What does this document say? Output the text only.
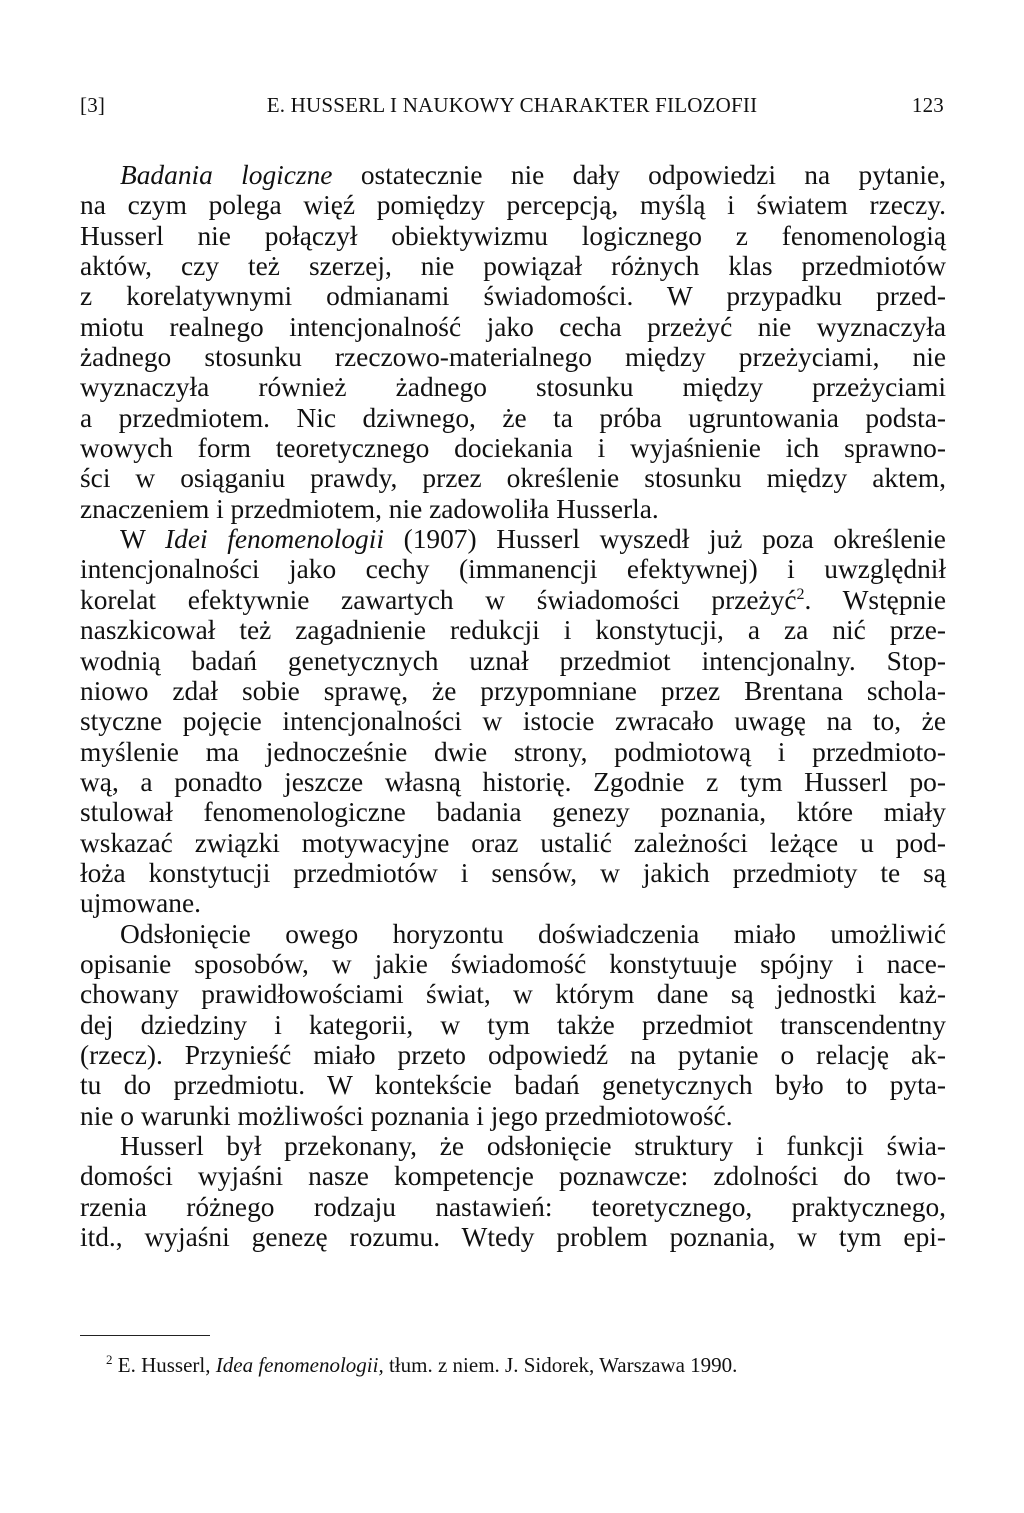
[3]	E. HUSSERL I NAUKOWY CHARAKTER FILOZOFII	123
Badania logiczne ostatecznie nie dały odpowiedzi na pytanie,
na czym polega więź pomiędzy percepcją, myślą i światem rzeczy.
Husserl nie połączył obiektywizmu logicznego z fenomenologią
aktów, czy też szerzej, nie powiązał różnych klas przedmiotów
z korelatywnymi odmianami świadomości. W przypadku przed-
miotu realnego intencjonalność jako cecha przeżyć nie wyznaczyła
żadnego stosunku rzeczowo-materialnego między przeżyciami, nie
wyznaczyła również żadnego stosunku między przeżyciami
a przedmiotem. Nic dziwnego, że ta próba ugruntowania podsta-
wowych form teoretycznego dociekania i wyjaśnienie ich sprawno-
ści w osiąganiu prawdy, przez określenie stosunku między aktem,
znaczeniem i przedmiotem, nie zadowoliła Husserla.
W Idei fenomenologii (1907) Husserl wyszedł już poza określenie
intencjonalności jako cechy (immanencji efektywnej) i uwzględnił
korelat efektywnie zawartych w świadomości przeżyć$^2$. Wstępnie
naszkicował też zagadnienie redukcji i konstytucji, a za nić prze-
wodnią badań genetycznych uznał przedmiot intencjonalny. Stop-
niowo zdał sobie sprawę, że przypomniane przez Brentana schola-
styczne pojęcie intencjonalności w istocie zwracało uwagę na to, że
myślenie ma jednocześnie dwie strony, podmiotową i przedmioto-
wą, a ponadto jeszcze własną historię. Zgodnie z tym Husserl po-
stulował fenomenologiczne badania genezy poznania, które miały
wskazać związki motywacyjne oraz ustalić zależności leżące u pod-
łoża konstytucji przedmiotów i sensów, w jakich przedmioty te są
ujmowane.
Odsłonięcie owego horyzontu doświadczenia miało umożliwić
opisanie sposobów, w jakie świadomość konstytuuje spójny i nace-
chowany prawidłowościami świat, w którym dane są jednostki każ-
dej dziedziny i kategorii, w tym także przedmiot transcendentny
(rzecz). Przynieść miało przeto odpowiedź na pytanie o relację ak-
tu do przedmiotu. W kontekście badań genetycznych było to pyta-
nie o warunki możliwości poznania i jego przedmiotowość.
Husserl był przekonany, że odsłonięcie struktury i funkcji świa-
domości wyjaśni nasze kompetencje poznawcze: zdolności do two-
rzenia różnego rodzaju nastawień: teoretycznego, praktycznego,
itd., wyjaśni genezę rozumu. Wtedy problem poznania, w tym epi-
$^2$ E. Husserl, Idea fenomenologii, tłum. z niem. J. Sidorek, Warszawa 1990.
